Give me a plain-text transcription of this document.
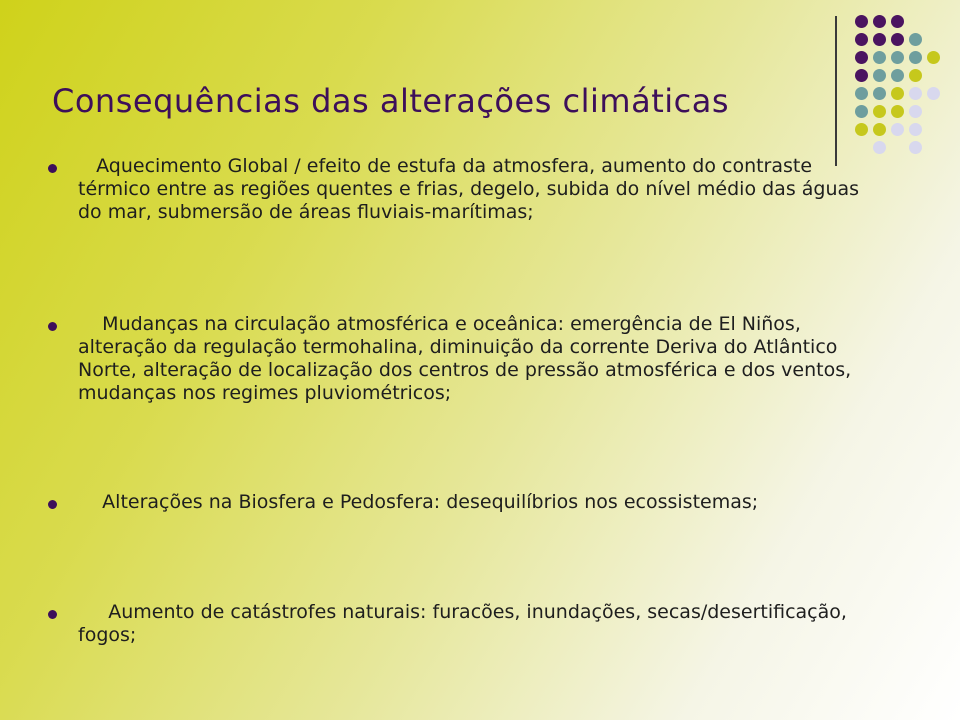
Consequências das alterações climáticas
Aquecimento Global / efeito de estufa da atmosfera, aumento do contraste térmico entre as regiões quentes e frias, degelo, subida do nível médio das águas do mar, submersão de áreas fluviais-marítimas;
Mudanças na circulação atmosférica e oceânica: emergência de El Niños, alteração da regulação termohalina, diminuição da corrente Deriva do Atlântico Norte, alteração de localização dos centros de pressão atmosférica e dos ventos, mudanças nos regimes pluviométricos;
Alterações na Biosfera e Pedosfera: desequilíbrios nos ecossistemas;
Aumento de catástrofes naturais: furacões, inundações, secas/desertificação, fogos;
